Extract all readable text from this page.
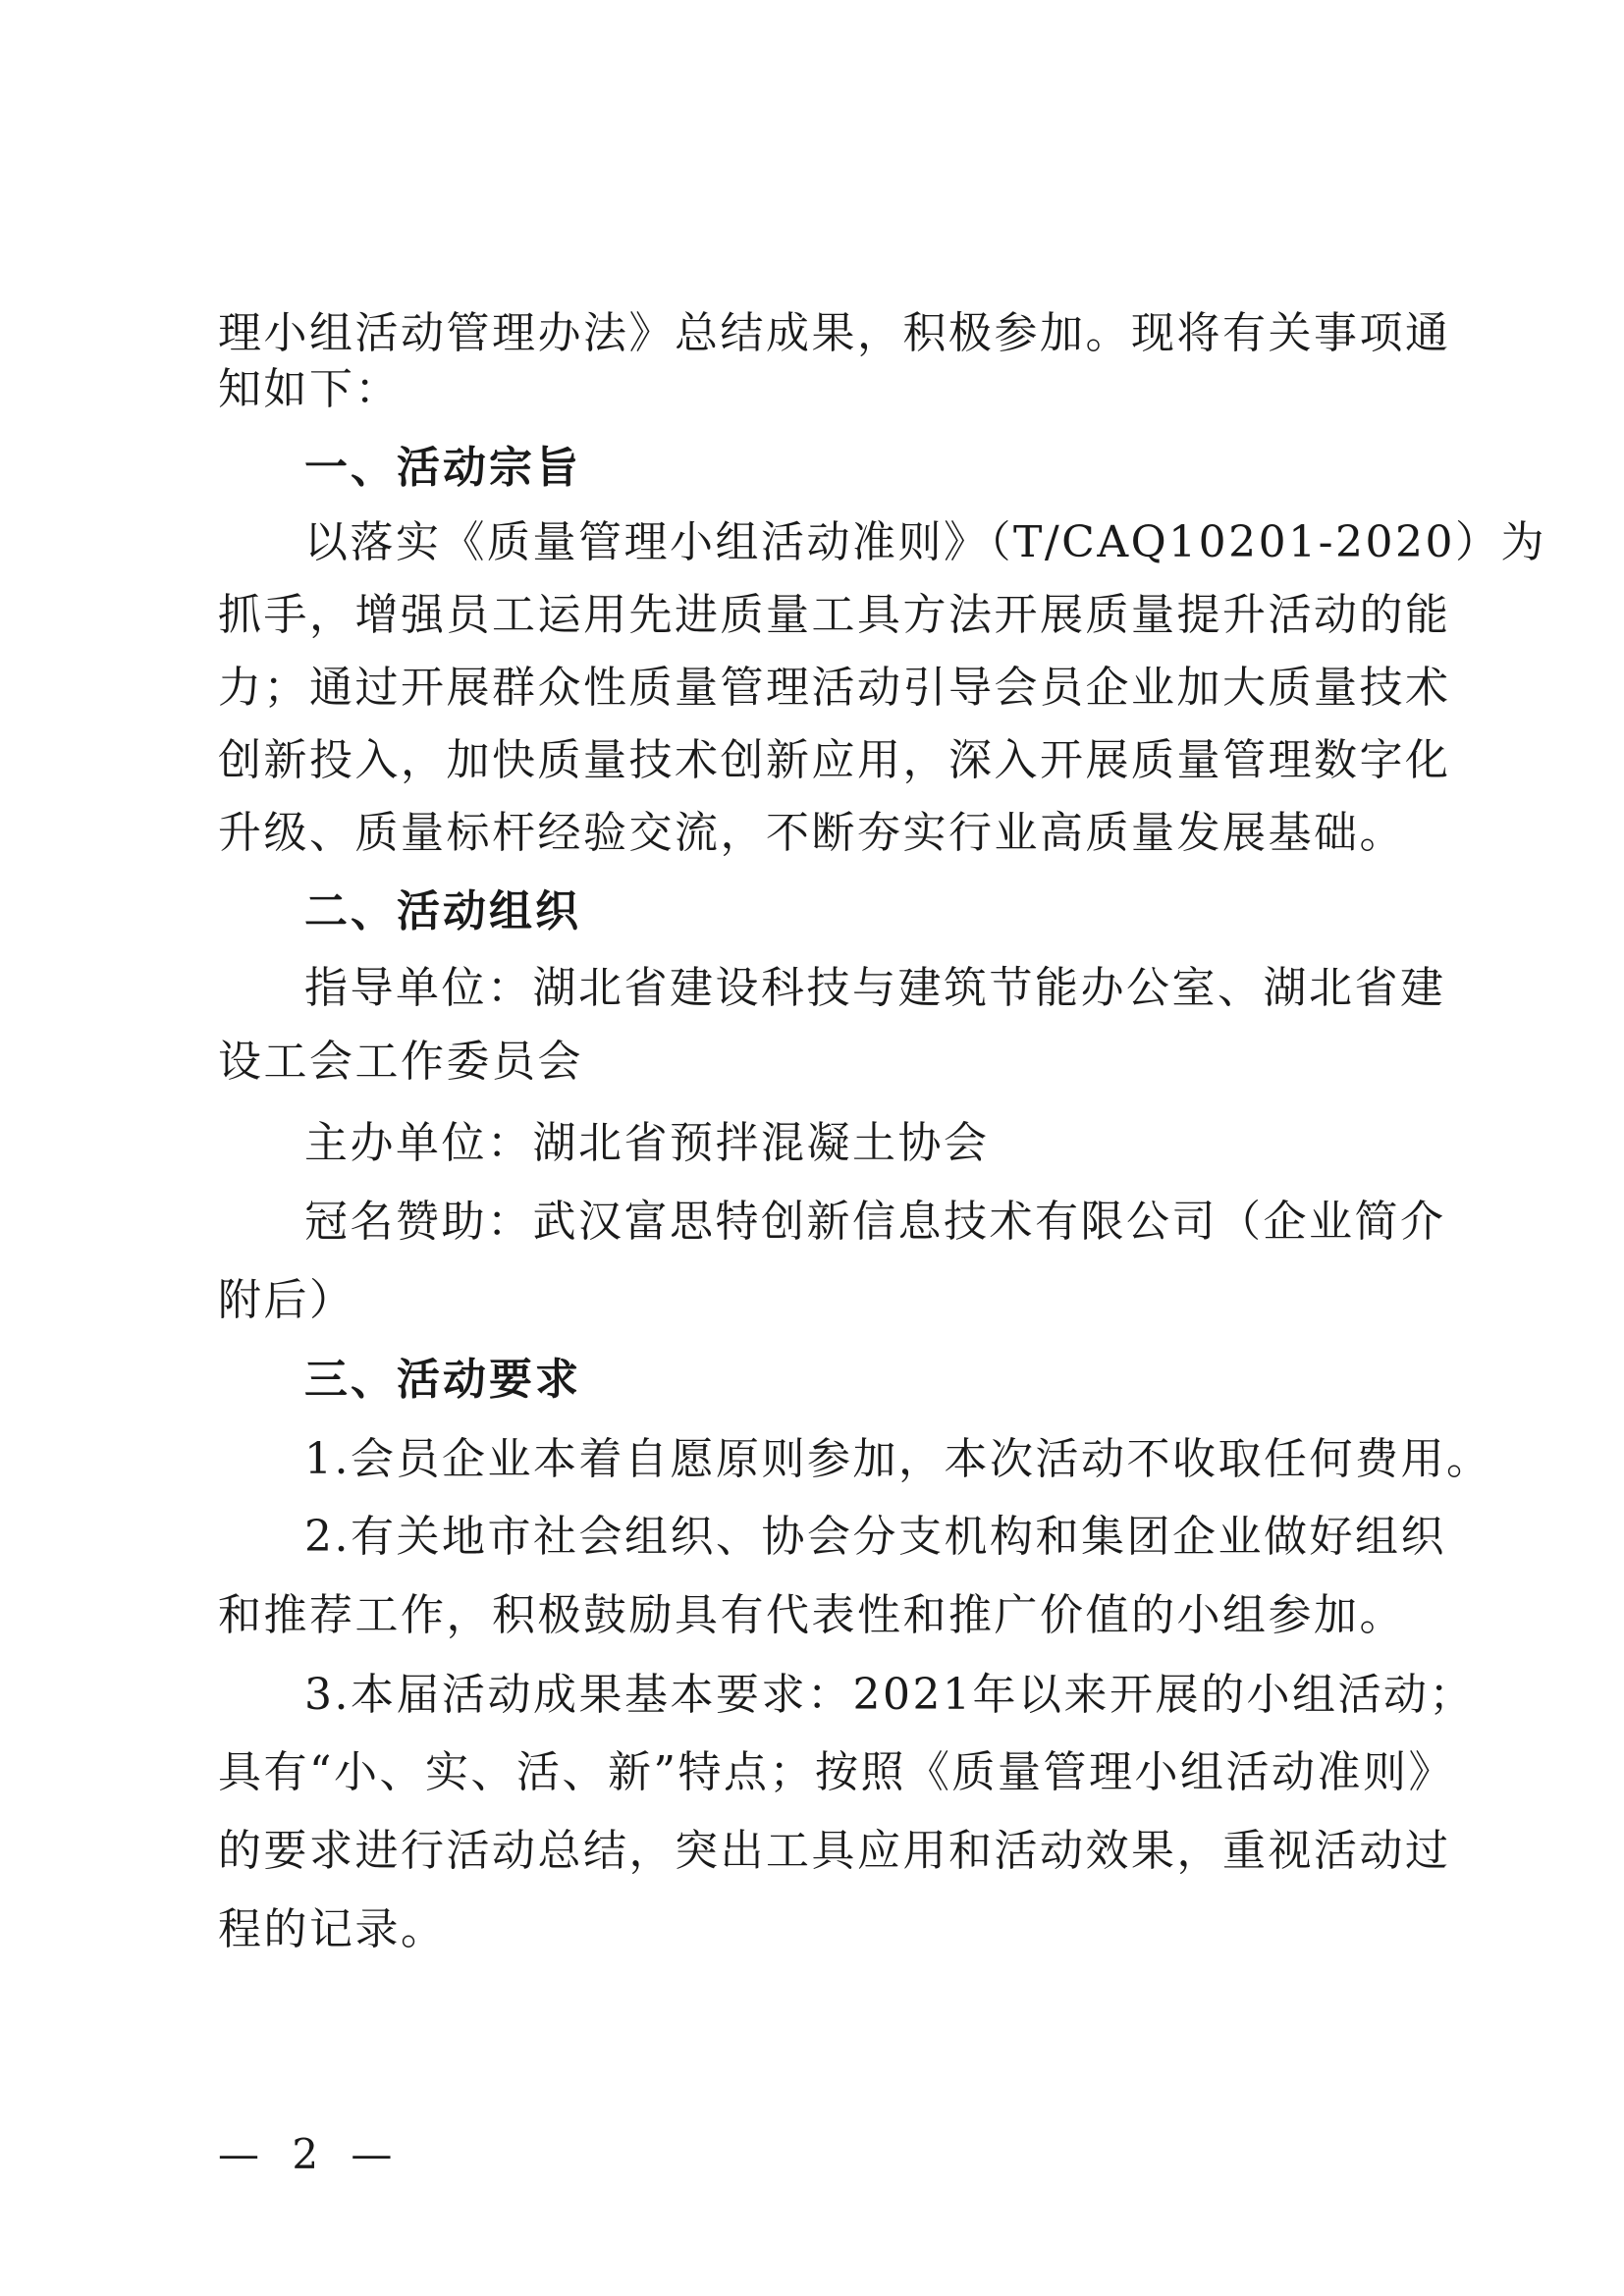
理小组活动管理办法》总结成果，积极参加。现将有关事项通
知如下：
一、活动宗旨
以落实《质量管理小组活动准则》（T/CAQ10201-2020）为
抓手，增强员工运用先进质量工具方法开展质量提升活动的能
力；通过开展群众性质量管理活动引导会员企业加大质量技术
创新投入，加快质量技术创新应用，深入开展质量管理数字化
升级、质量标杆经验交流，不断夯实行业高质量发展基础。
二、活动组织
指导单位：湖北省建设科技与建筑节能办公室、湖北省建
设工会工作委员会
主办单位：湖北省预拌混凝土协会
冠名赞助：武汉富思特创新信息技术有限公司（企业简介
附后）
三、活动要求
1.会员企业本着自愿原则参加，本次活动不收取任何费用。
2.有关地市社会组织、协会分支机构和集团企业做好组织
和推荐工作，积极鼓励具有代表性和推广价值的小组参加。
3.本届活动成果基本要求：2021年以来开展的小组活动；
具有“小、实、活、新”特点；按照《质量管理小组活动准则》
的要求进行活动总结，突出工具应用和活动效果，重视活动过
程的记录。
— 2 —
